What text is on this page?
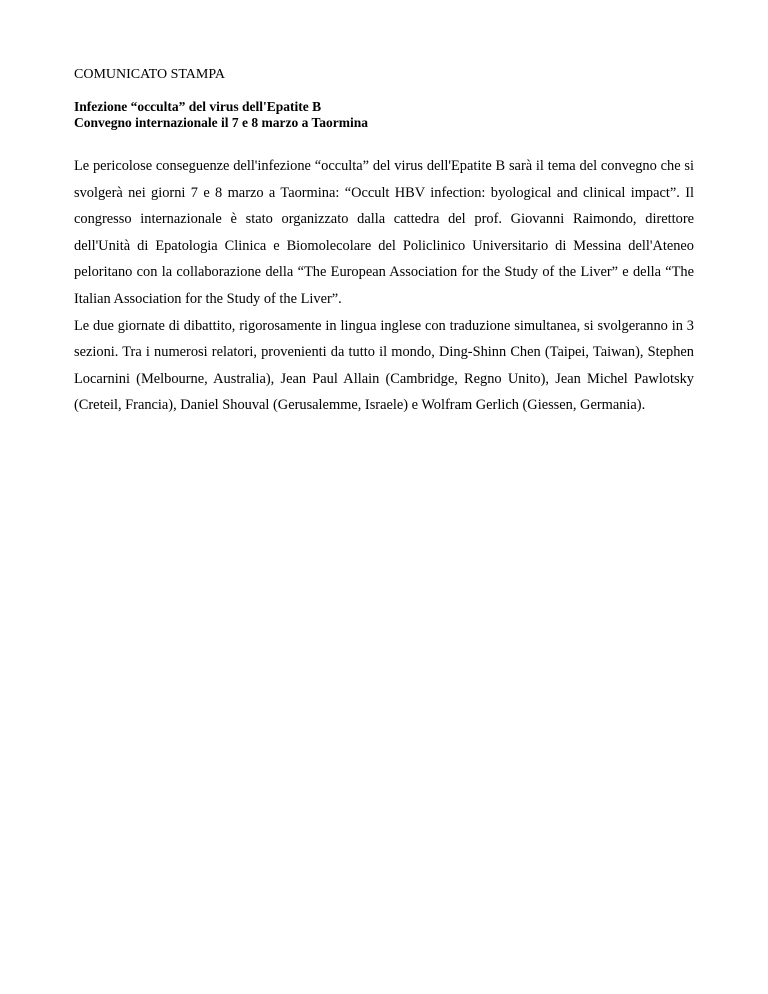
COMUNICATO STAMPA
Infezione “occulta” del virus dell'Epatite B
Convegno internazionale il 7 e 8 marzo a Taormina

Le pericolose conseguenze dell'infezione “occulta” del virus dell'Epatite B sarà il tema del convegno che si svolgerà nei giorni 7 e 8 marzo a Taormina: “Occult HBV infection: byological and clinical impact”. Il congresso internazionale è stato organizzato dalla cattedra del prof. Giovanni Raimondo, direttore dell'Unità di Epatologia Clinica e Biomolecolare del Policlinico Universitario di Messina dell'Ateneo peloritano con la collaborazione della “The European Association for the Study of the Liver” e della “The Italian Association for the Study of the Liver”.

Le due giornate di dibattito, rigorosamente in lingua inglese con traduzione simultanea, si svolgeranno in 3 sezioni. Tra i numerosi relatori, provenienti da tutto il mondo, Ding-Shinn Chen (Taipei, Taiwan), Stephen Locarnini (Melbourne, Australia), Jean Paul Allain (Cambridge, Regno Unito), Jean Michel Pawlotsky (Creteil, Francia), Daniel Shouval (Gerusalemme, Israele) e Wolfram Gerlich (Giessen, Germania).
